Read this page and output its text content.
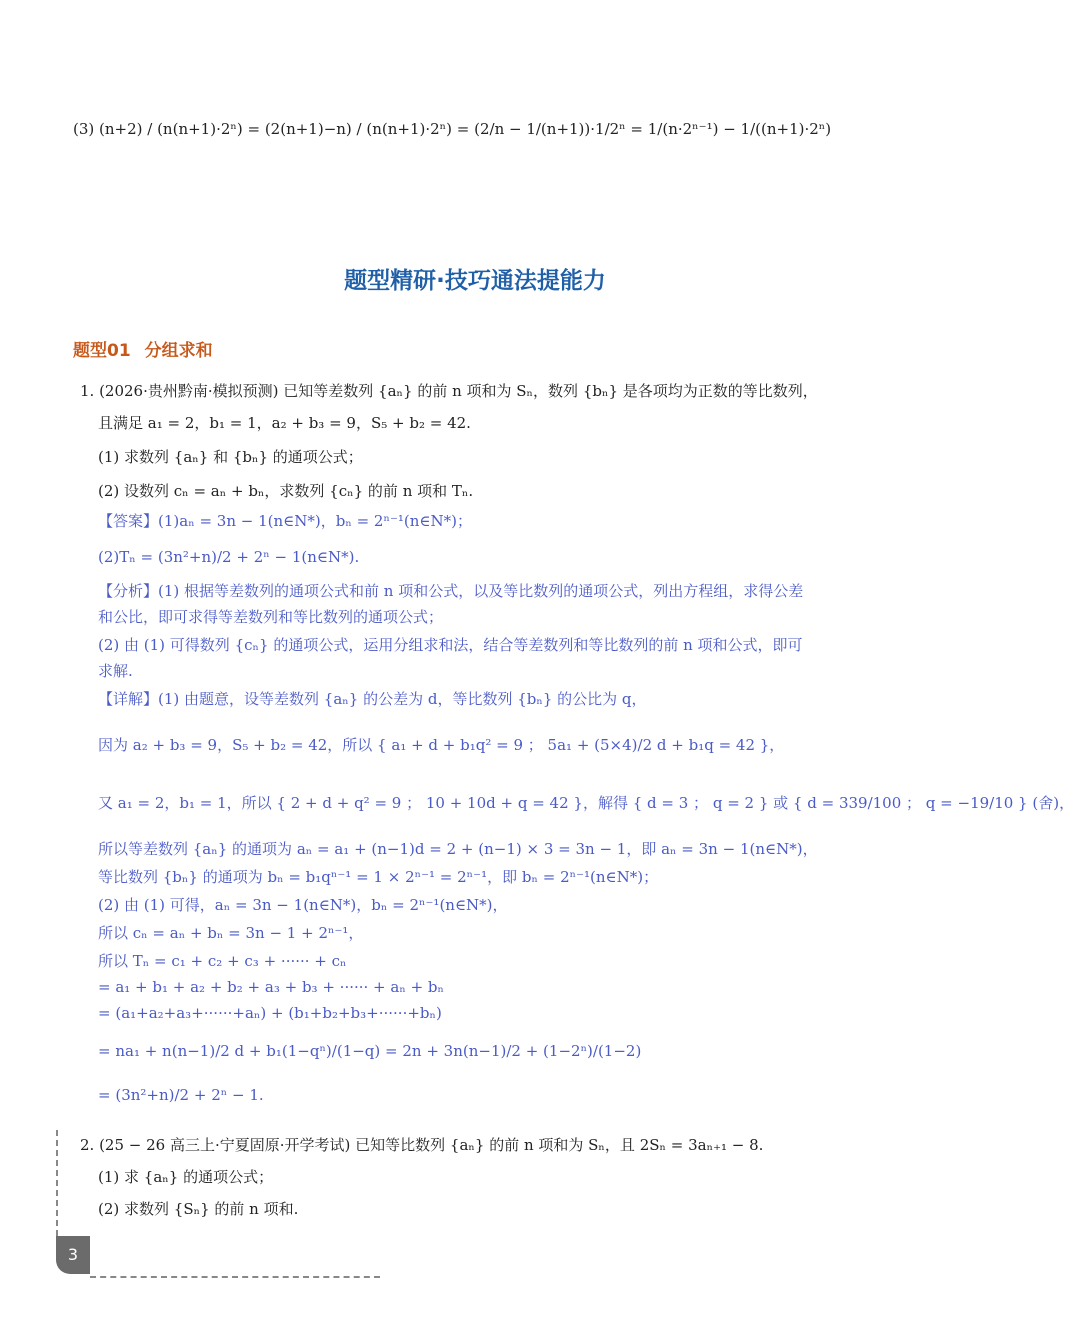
(3) (n+2) / (n(n+1)·2ⁿ) = (2(n+1)−n) / (n(n+1)·2ⁿ) = (2/n − 1/(n+1))·1/2ⁿ = 1/(n·2ⁿ⁻¹) − 1/((n+1)·2ⁿ)
题型精研·技巧通法提能力
题型01 分组求和
1. (2026·贵州黔南·模拟预测) 已知等差数列 {aₙ} 的前 n 项和为 Sₙ，数列 {bₙ} 是各项均为正数的等比数列，
且满足 a₁ = 2，b₁ = 1，a₂ + b₃ = 9，S₅ + b₂ = 42.
(1) 求数列 {aₙ} 和 {bₙ} 的通项公式；
(2) 设数列 cₙ = aₙ + bₙ，求数列 {cₙ} 的前 n 项和 Tₙ.
【答案】(1)aₙ = 3n − 1(n∈N*)，bₙ = 2ⁿ⁻¹(n∈N*)；
(2)Tₙ = (3n²+n)/2 + 2ⁿ − 1(n∈N*).
【分析】(1) 根据等差数列的通项公式和前 n 项和公式，以及等比数列的通项公式，列出方程组，求得公差
和公比，即可求得等差数列和等比数列的通项公式；
(2) 由 (1) 可得数列 {cₙ} 的通项公式，运用分组求和法，结合等差数列和等比数列的前 n 项和公式，即可
求解.
【详解】(1) 由题意，设等差数列 {aₙ} 的公差为 d，等比数列 {bₙ} 的公比为 q，
因为 a₂ + b₃ = 9，S₅ + b₂ = 42，所以 { a₁ + d + b₁q² = 9 ； 5a₁ + (5×4)/2 d + b₁q = 42 }，
又 a₁ = 2，b₁ = 1，所以 { 2 + d + q² = 9 ； 10 + 10d + q = 42 }，解得 { d = 3 ； q = 2 } 或 { d = 339/100 ； q = −19/10 } (舍)，
所以等差数列 {aₙ} 的通项为 aₙ = a₁ + (n−1)d = 2 + (n−1) × 3 = 3n − 1，即 aₙ = 3n − 1(n∈N*)，
等比数列 {bₙ} 的通项为 bₙ = b₁qⁿ⁻¹ = 1 × 2ⁿ⁻¹ = 2ⁿ⁻¹，即 bₙ = 2ⁿ⁻¹(n∈N*)；
(2) 由 (1) 可得，aₙ = 3n − 1(n∈N*)，bₙ = 2ⁿ⁻¹(n∈N*)，
所以 cₙ = aₙ + bₙ = 3n − 1 + 2ⁿ⁻¹，
所以 Tₙ = c₁ + c₂ + c₃ + ······ + cₙ
= a₁ + b₁ + a₂ + b₂ + a₃ + b₃ + ······ + aₙ + bₙ
= (a₁+a₂+a₃+······+aₙ) + (b₁+b₂+b₃+······+bₙ)
= na₁ + n(n−1)/2 d + b₁(1−qⁿ)/(1−q) = 2n + 3n(n−1)/2 + (1−2ⁿ)/(1−2)
= (3n²+n)/2 + 2ⁿ − 1.
2. (25 − 26 高三上·宁夏固原·开学考试) 已知等比数列 {aₙ} 的前 n 项和为 Sₙ，且 2Sₙ = 3aₙ₊₁ − 8.
(1) 求 {aₙ} 的通项公式；
(2) 求数列 {Sₙ} 的前 n 项和.
3
